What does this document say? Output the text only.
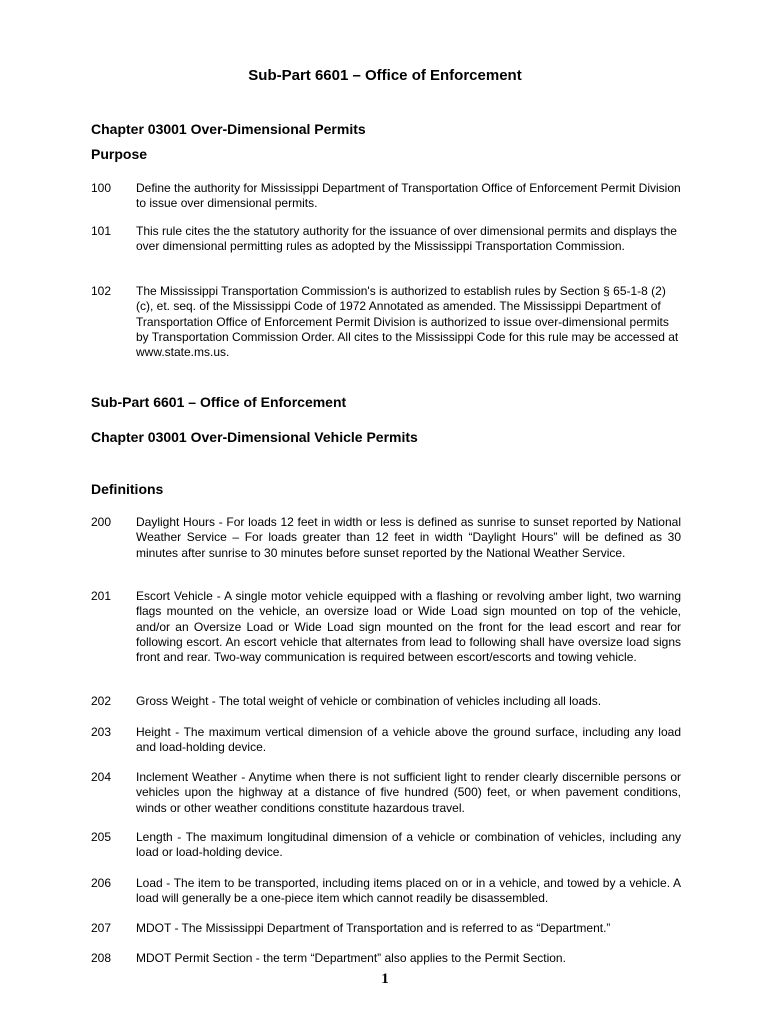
Sub-Part 6601 – Office of Enforcement
Chapter 03001 Over-Dimensional Permits
Purpose
100	Define the authority for Mississippi Department of Transportation Office of Enforcement Permit Division to issue over dimensional permits.
101	This rule cites the the statutory authority for the issuance of over dimensional permits and displays the over dimensional permitting rules as adopted by the Mississippi Transportation Commission.
102	The Mississippi Transportation Commission's is authorized to establish rules by Section § 65-1-8 (2)(c), et. seq. of the Mississippi Code of 1972 Annotated as amended. The Mississippi Department of Transportation Office of Enforcement Permit Division is authorized to issue over-dimensional permits by Transportation Commission Order. All cites to the Mississippi Code for this rule may be accessed at www.state.ms.us.
Sub-Part 6601 – Office of Enforcement
Chapter 03001 Over-Dimensional Vehicle Permits
Definitions
200	Daylight Hours - For loads 12 feet in width or less is defined as sunrise to sunset reported by National Weather Service – For loads greater than 12 feet in width “Daylight Hours” will be defined as 30 minutes after sunrise to 30 minutes before sunset reported by the National Weather Service.
201	Escort Vehicle - A single motor vehicle equipped with a flashing or revolving amber light, two warning flags mounted on the vehicle, an oversize load or Wide Load sign mounted on top of the vehicle, and/or an Oversize Load or Wide Load sign mounted on the front for the lead escort and rear for following escort. An escort vehicle that alternates from lead to following shall have oversize load signs front and rear. Two-way communication is required between escort/escorts and towing vehicle.
202	Gross Weight - The total weight of vehicle or combination of vehicles including all loads.
203	Height - The maximum vertical dimension of a vehicle above the ground surface, including any load and load-holding device.
204	Inclement Weather - Anytime when there is not sufficient light to render clearly discernible persons or vehicles upon the highway at a distance of five hundred (500) feet, or when pavement conditions, winds or other weather conditions constitute hazardous travel.
205	Length - The maximum longitudinal dimension of a vehicle or combination of vehicles, including any load or load-holding device.
206	Load - The item to be transported, including items placed on or in a vehicle, and towed by a vehicle. A load will generally be a one-piece item which cannot readily be disassembled.
207	MDOT - The Mississippi Department of Transportation and is referred to as “Department.”
208	MDOT Permit Section - the term “Department” also applies to the Permit Section.
1
